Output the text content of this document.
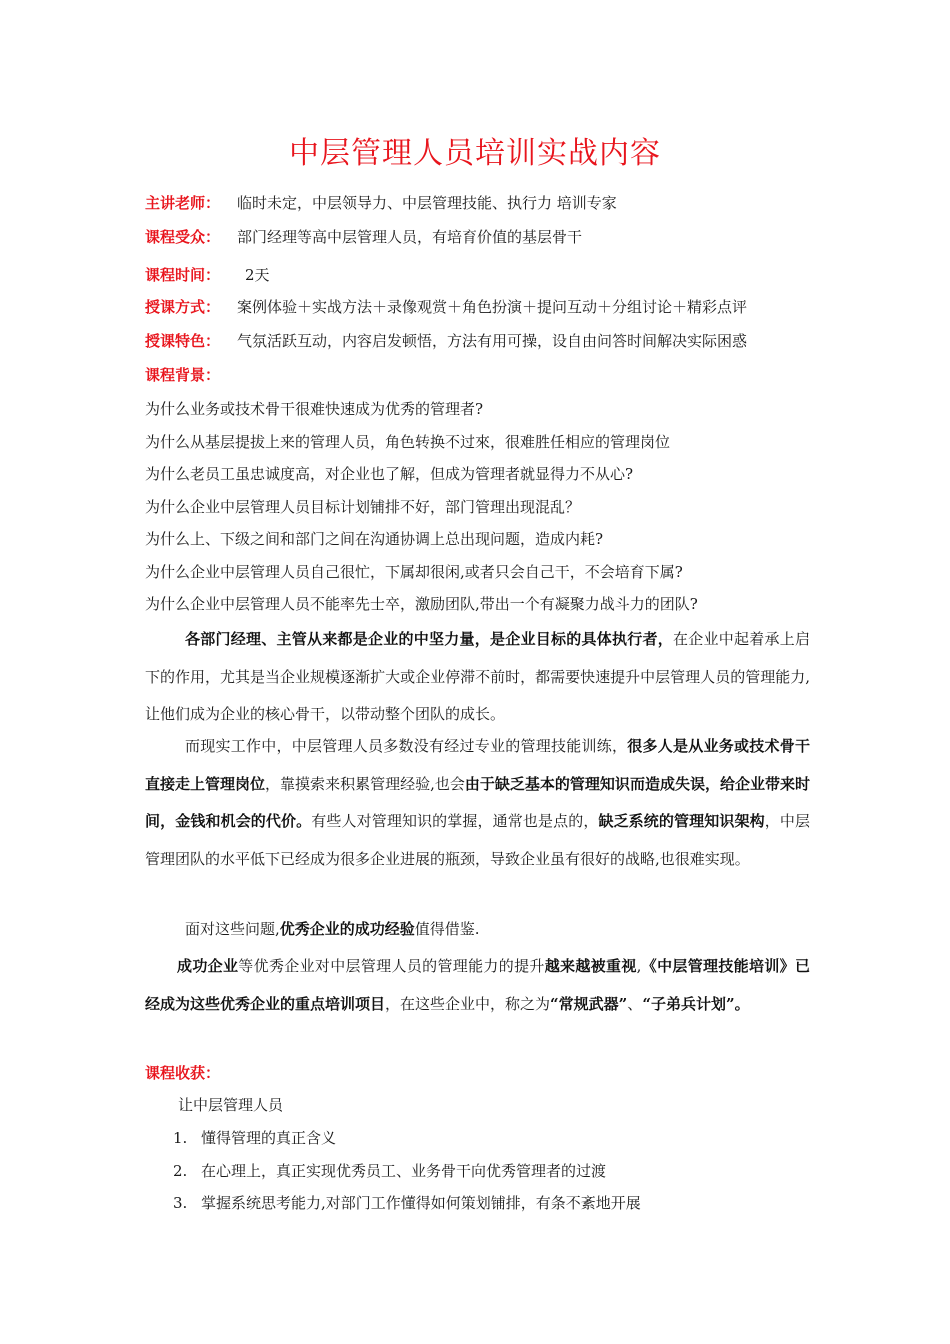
中层管理人员培训实战内容
主讲老师： 临时未定，中层领导力、中层管理技能、执行力 培训专家
课程受众： 部门经理等高中层管理人员，有培育价值的基层骨干
课程时间： 2天
授课方式： 案例体验＋实战方法＋录像观赏＋角色扮演＋提问互动＋分组讨论＋精彩点评
授课特色： 气氛活跃互动，内容启发顿悟，方法有用可操，设自由问答时间解决实际困惑
课程背景：
为什么业务或技术骨干很难快速成为优秀的管理者?
为什么从基层提拔上来的管理人员，角色转换不过來，很难胜任相应的管理岗位
为什么老员工虽忠诚度高，对企业也了解，但成为管理者就显得力不从心?
为什么企业中层管理人员目标计划铺排不好，部门管理出现混乱？
为什么上、下级之间和部门之间在沟通协调上总出现问题，造成内耗?
为什么企业中层管理人员自己很忙，下属却很闲,或者只会自己干，不会培育下属?
为什么企业中层管理人员不能率先士卒，激励团队,带出一个有凝聚力战斗力的团队?
各部门经理、主管从来都是企业的中坚力量，是企业目标的具体执行者，在企业中起着承上启下的作用，尤其是当企业规模逐渐扩大或企业停滞不前时，都需要快速提升中层管理人员的管理能力,让他们成为企业的核心骨干，以带动整个团队的成长。
而现实工作中，中层管理人员多数没有经过专业的管理技能训练，很多人是从业务或技术骨干直接走上管理岗位，靠摸索来积累管理经验,也会由于缺乏基本的管理知识而造成失误，给企业带来时间，金钱和机会的代价。有些人对管理知识的掌握，通常也是点的，缺乏系统的管理知识架构，中层管理团队的水平低下已经成为很多企业进展的瓶颈，导致企业虽有很好的战略,也很难实现。
面对这些问题,优秀企业的成功经验值得借鉴.
成功企业等优秀企业对中层管理人员的管理能力的提升越来越被重视,《中层管理技能培训》已经成为这些优秀企业的重点培训项目，在这些企业中，称之为“常规武器”、“子弟兵计划”。
课程收获：
让中层管理人员
1. 懂得管理的真正含义
2. 在心理上，真正实现优秀员工、业务骨干向优秀管理者的过渡
3. 掌握系统思考能力,对部门工作懂得如何策划铺排，有条不紊地开展
